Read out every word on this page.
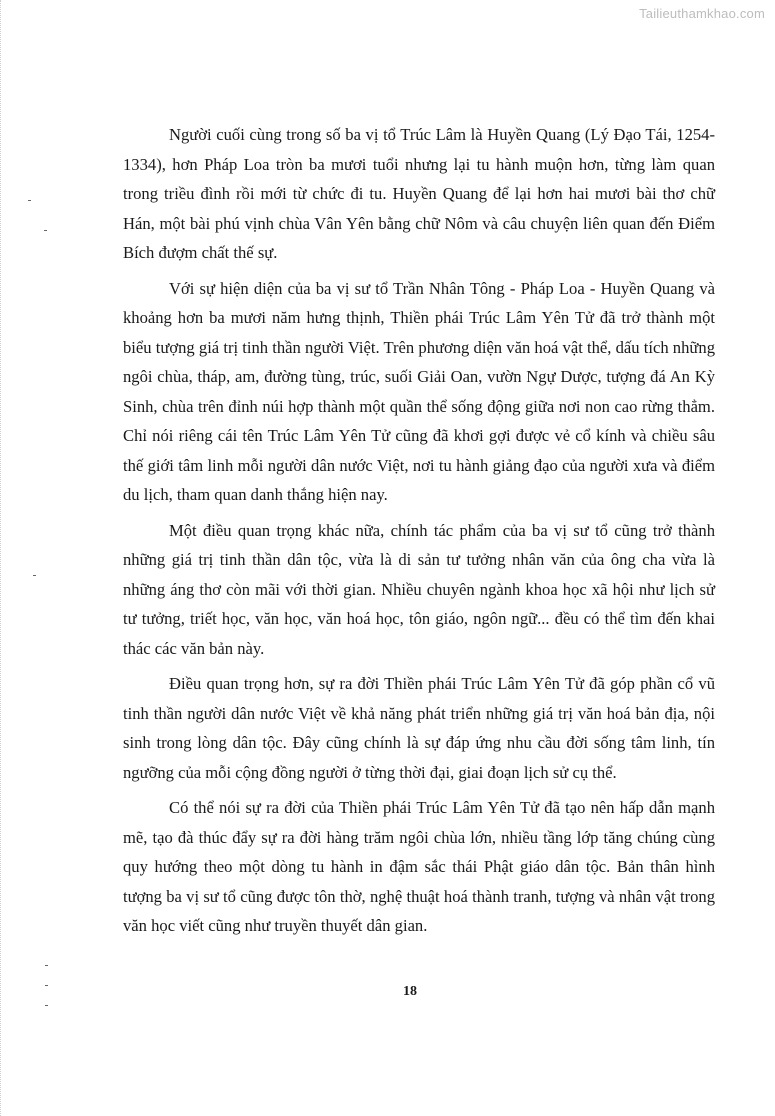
Tailieuthamkhao.com

Người cuối cùng trong số ba vị tổ Trúc Lâm là Huyền Quang (Lý Đạo Tái, 1254-1334), hơn Pháp Loa tròn ba mươi tuổi nhưng lại tu hành muộn hơn, từng làm quan trong triều đình rồi mới từ chức đi tu. Huyền Quang để lại hơn hai mươi bài thơ chữ Hán, một bài phú vịnh chùa Vân Yên bằng chữ Nôm và câu chuyện liên quan đến Điểm Bích đượm chất thế sự.

Với sự hiện diện của ba vị sư tổ Trần Nhân Tông - Pháp Loa - Huyền Quang và khoảng hơn ba mươi năm hưng thịnh, Thiền phái Trúc Lâm Yên Tử đã trở thành một biểu tượng giá trị tinh thần người Việt. Trên phương diện văn hoá vật thể, dấu tích những ngôi chùa, tháp, am, đường tùng, trúc, suối Giải Oan, vườn Ngự Dược, tượng đá An Kỳ Sinh, chùa trên đỉnh núi hợp thành một quần thể sống động giữa nơi non cao rừng thẳm. Chỉ nói riêng cái tên Trúc Lâm Yên Tử cũng đã khơi gợi được vẻ cổ kính và chiều sâu thế giới tâm linh mỗi người dân nước Việt, nơi tu hành giảng đạo của người xưa và điểm du lịch, tham quan danh thắng hiện nay.

Một điều quan trọng khác nữa, chính tác phẩm của ba vị sư tổ cũng trở thành những giá trị tinh thần dân tộc, vừa là di sản tư tưởng nhân văn của ông cha vừa là những áng thơ còn mãi với thời gian. Nhiều chuyên ngành khoa học xã hội như lịch sử tư tưởng, triết học, văn học, văn hoá học, tôn giáo, ngôn ngữ... đều có thể tìm đến khai thác các văn bản này.

Điều quan trọng hơn, sự ra đời Thiền phái Trúc Lâm Yên Tử đã góp phần cổ vũ tinh thần người dân nước Việt về khả năng phát triển những giá trị văn hoá bản địa, nội sinh trong lòng dân tộc. Đây cũng chính là sự đáp ứng nhu cầu đời sống tâm linh, tín ngưỡng của mỗi cộng đồng người ở từng thời đại, giai đoạn lịch sử cụ thể.

Có thể nói sự ra đời của Thiền phái Trúc Lâm Yên Tử đã tạo nên hấp dẫn mạnh mẽ, tạo đà thúc đẩy sự ra đời hàng trăm ngôi chùa lớn, nhiều tầng lớp tăng chúng cùng quy hướng theo một dòng tu hành in đậm sắc thái Phật giáo dân tộc. Bản thân hình tượng ba vị sư tổ cũng được tôn thờ, nghệ thuật hoá thành tranh, tượng và nhân vật trong văn học viết cũng như truyền thuyết dân gian.

18
